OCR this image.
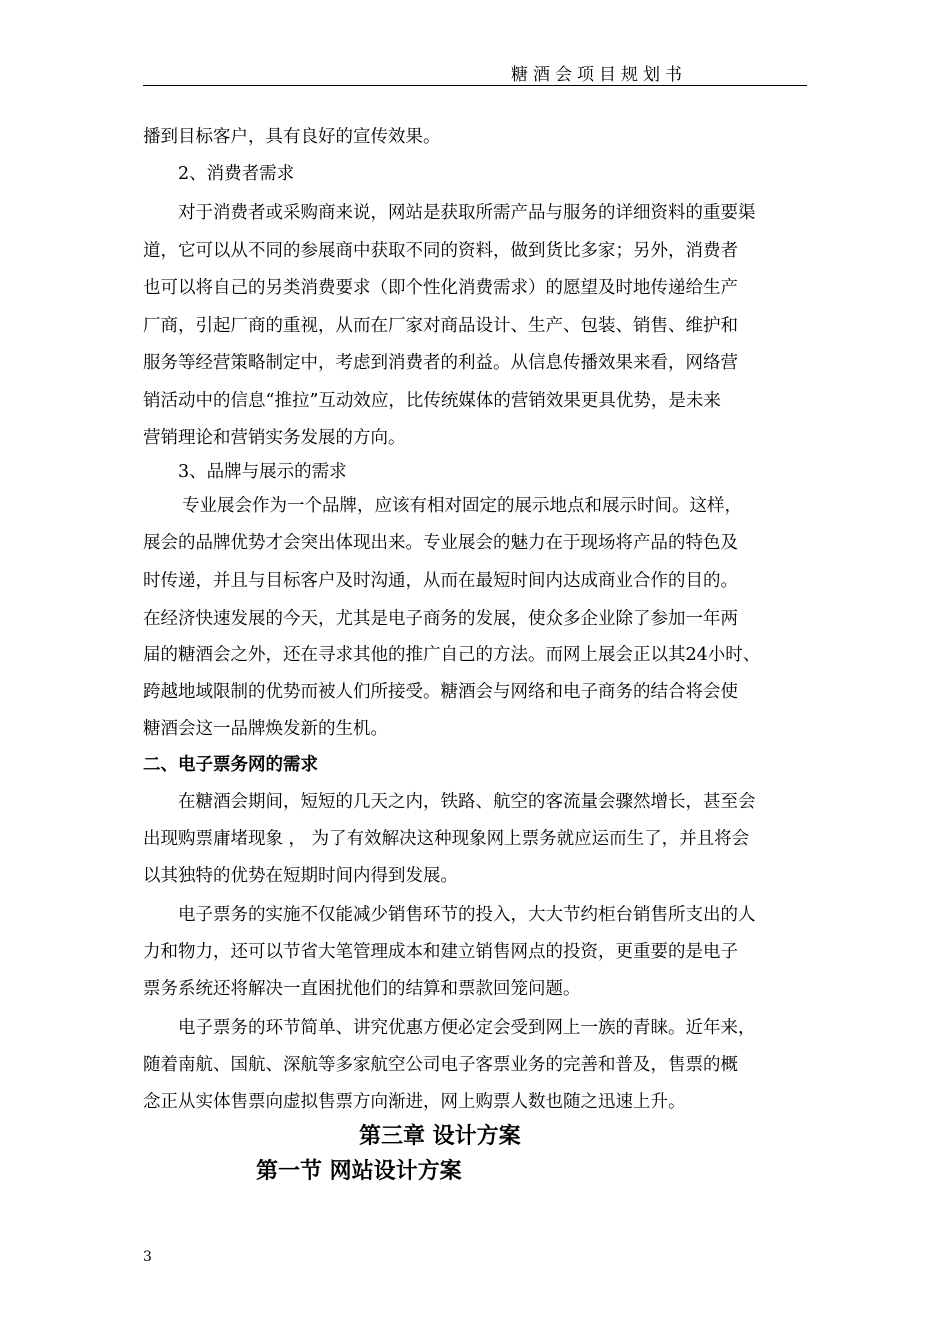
糖酒会项目规划书
播到目标客户，具有良好的宣传效果。
2、消费者需求
对于消费者或采购商来说，网站是获取所需产品与服务的详细资料的重要渠
道，它可以从不同的参展商中获取不同的资料，做到货比多家；另外，消费者
也可以将自己的另类消费要求（即个性化消费需求）的愿望及时地传递给生产
厂商，引起厂商的重视，从而在厂家对商品设计、生产、包装、销售、维护和
服务等经营策略制定中，考虑到消费者的利益。从信息传播效果来看，网络营
销活动中的信息“推拉”互动效应，比传统媒体的营销效果更具优势，是未来
营销理论和营销实务发展的方向。
3、品牌与展示的需求
专业展会作为一个品牌，应该有相对固定的展示地点和展示时间。这样，
展会的品牌优势才会突出体现出来。专业展会的魅力在于现场将产品的特色及
时传递，并且与目标客户及时沟通，从而在最短时间内达成商业合作的目的。
在经济快速发展的今天，尤其是电子商务的发展，使众多企业除了参加一年两
届的糖酒会之外，还在寻求其他的推广自己的方法。而网上展会正以其24小时、
跨越地域限制的优势而被人们所接受。糖酒会与网络和电子商务的结合将会使
糖酒会这一品牌焕发新的生机。
二、电子票务网的需求
在糖酒会期间，短短的几天之内，铁路、航空的客流量会骤然增长，甚至会
出现购票庸堵现象 ， 为了有效解决这种现象网上票务就应运而生了，并且将会
以其独特的优势在短期时间内得到发展。
电子票务的实施不仅能减少销售环节的投入，大大节约柜台销售所支出的人
力和物力，还可以节省大笔管理成本和建立销售网点的投资，更重要的是电子
票务系统还将解决一直困扰他们的结算和票款回笼问题。
电子票务的环节简单、讲究优惠方便必定会受到网上一族的青睐。近年来，
随着南航、国航、深航等多家航空公司电子客票业务的完善和普及，售票的概
念正从实体售票向虚拟售票方向渐进，网上购票人数也随之迅速上升。
第三章 设计方案
第一节 网站设计方案
3
